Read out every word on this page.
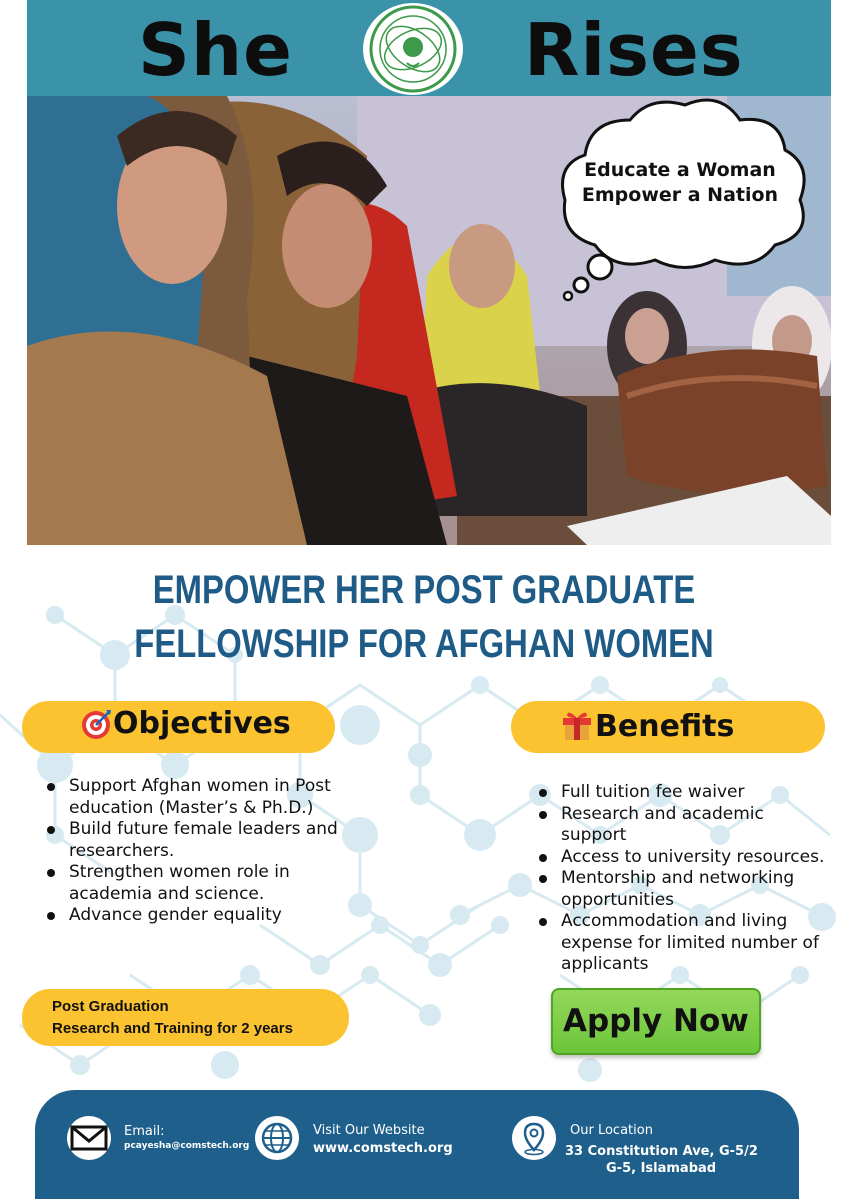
She	Rises
Educate a Woman
Empower a Nation
EMPOWER HER POST GRADUATE
FELLOWSHIP FOR AFGHAN WOMEN
Objectives
Support Afghan women in Post
education (Master’s & Ph.D.)
Build future female leaders and
researchers.
Strengthen women role in
academia and science.
Advance gender equality
Benefits
Full tuition fee waiver
Research and academic
support
Access to university resources.
Mentorship and networking
opportunities
Accommodation and living
expense for limited number of
applicants
Post Graduation
Research and Training for 2 years	Apply Now
Email:
pcayesha@comstech.org
Visit Our Website
www.comstech.org
Our Location
33 Constitution Ave, G-5/2
G-5, Islamabad
